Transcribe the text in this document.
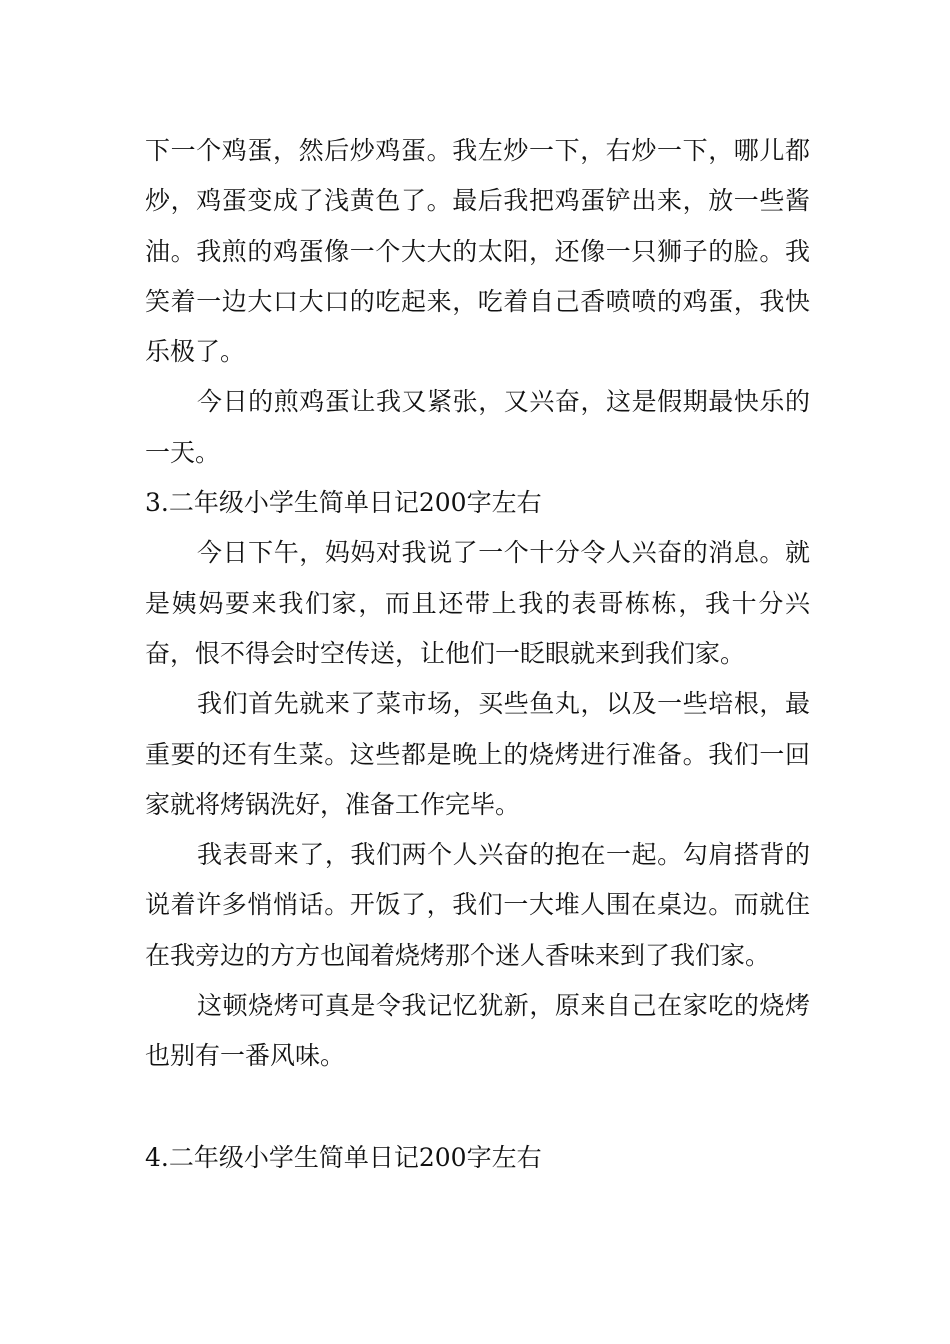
下一个鸡蛋，然后炒鸡蛋。我左炒一下，右炒一下，哪儿都炒，鸡蛋变成了浅黄色了。最后我把鸡蛋铲出来，放一些酱油。我煎的鸡蛋像一个大大的太阳，还像一只狮子的脸。我笑着一边大口大口的吃起来，吃着自己香喷喷的鸡蛋，我快乐极了。

今日的煎鸡蛋让我又紧张，又兴奋，这是假期最快乐的一天。

3.二年级小学生简单日记200字左右

今日下午，妈妈对我说了一个十分令人兴奋的消息。就是姨妈要来我们家，而且还带上我的表哥栋栋，我十分兴奋，恨不得会时空传送，让他们一眨眼就来到我们家。

我们首先就来了菜市场，买些鱼丸，以及一些培根，最重要的还有生菜。这些都是晚上的烧烤进行准备。我们一回家就将烤锅洗好，准备工作完毕。

我表哥来了，我们两个人兴奋的抱在一起。勾肩搭背的说着许多悄悄话。开饭了，我们一大堆人围在桌边。而就住在我旁边的方方也闻着烧烤那个迷人香味来到了我们家。

这顿烧烤可真是令我记忆犹新，原来自己在家吃的烧烤也别有一番风味。

4.二年级小学生简单日记200字左右
